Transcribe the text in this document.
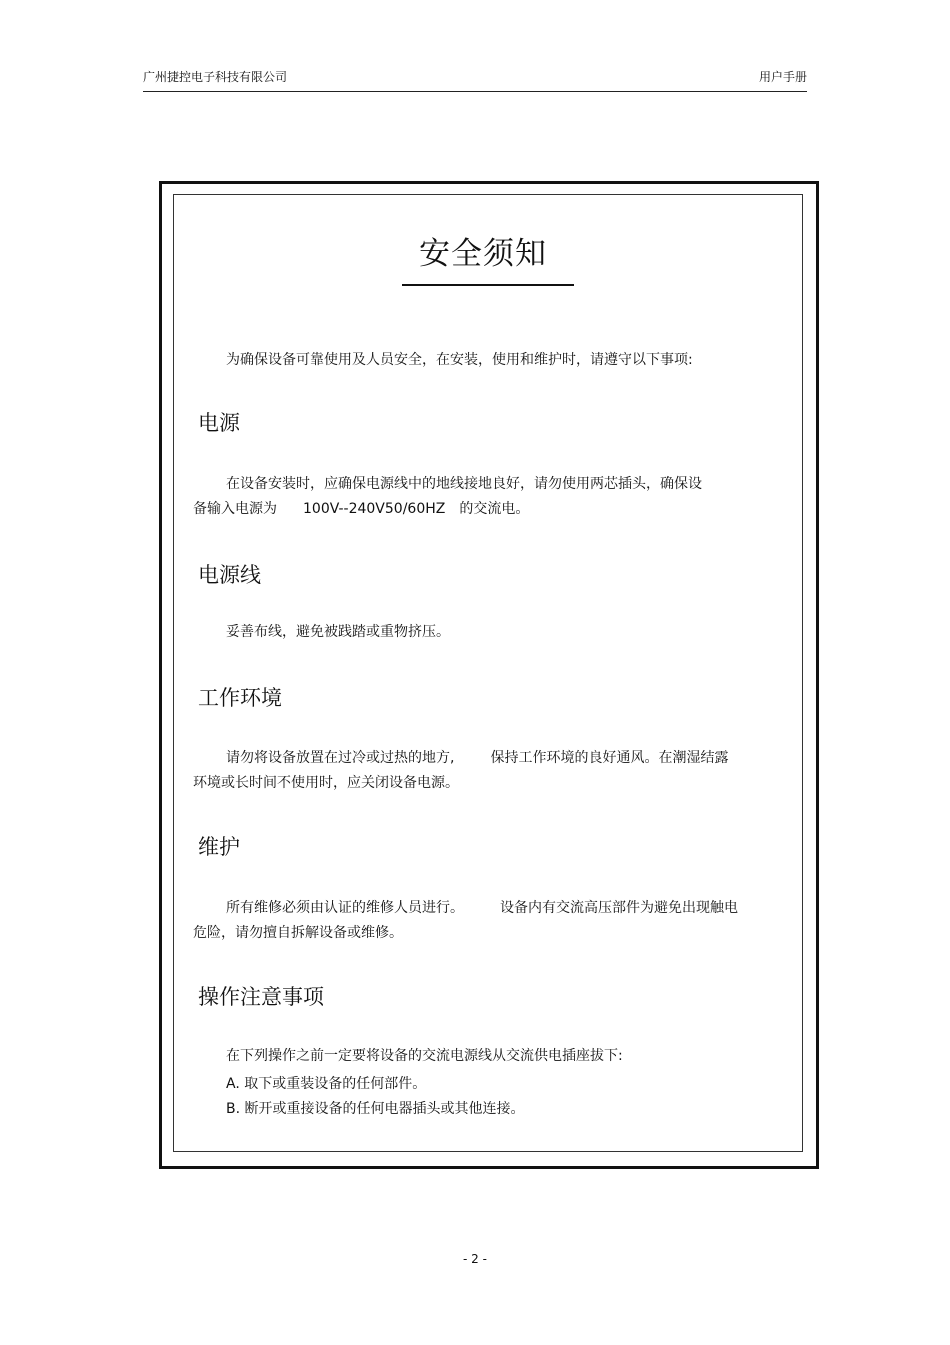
广州捷控电子科技有限公司	用户手册
安全须知
为确保设备可靠使用及人员安全，在安装，使用和维护时，请遵守以下事项:
电源
在设备安装时，应确保电源线中的地线接地良好，请勿使用两芯插头，确保设
备输入电源为 100V--240V50/60HZ 的交流电。
电源线
妥善布线，避免被践踏或重物挤压。
工作环境
请勿将设备放置在过冷或过热的地方,	保持工作环境的良好通风。在潮湿结露
环境或长时间不使用时，应关闭设备电源。
维护
所有维修必须由认证的维修人员进行。	设备内有交流高压部件为避免出现触电
危险，请勿擅自拆解设备或维修。
操作注意事项
在下列操作之前一定要将设备的交流电源线从交流供电插座拔下:
A. 取下或重装设备的任何部件。
B. 断开或重接设备的任何电器插头或其他连接。
- 2 -
